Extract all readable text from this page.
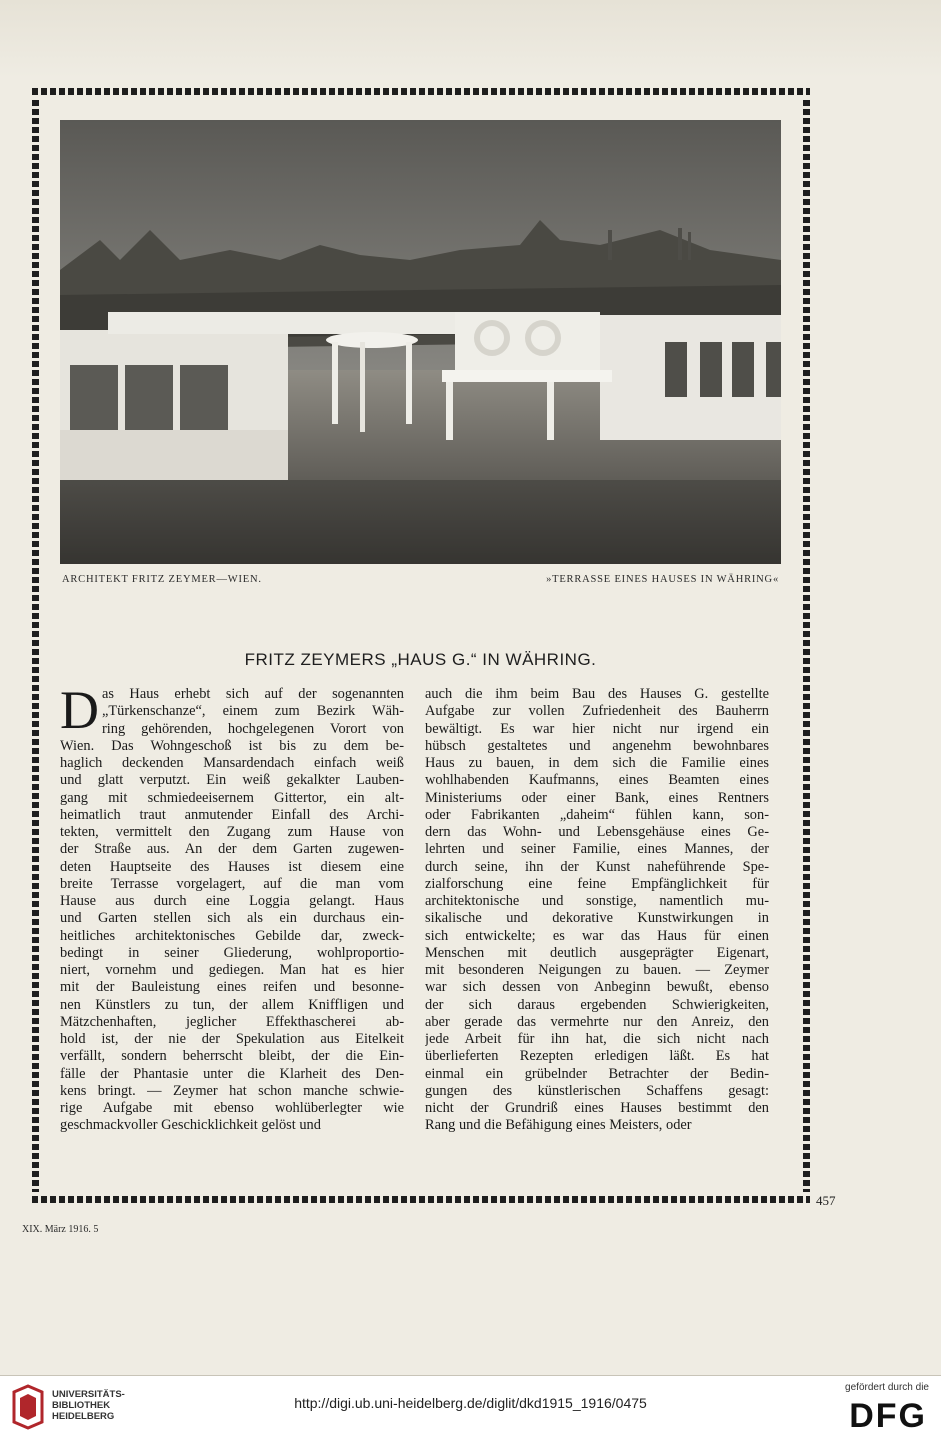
ARCHITEKT FRITZ ZEYMER—WIEN.	»TERRASSE EINES HAUSES IN WÄHRING«
FRITZ ZEYMERS „HAUS G.“ IN WÄHRING.
D as Haus erhebt sich auf der sogenannten
„Türkenschanze“, einem zum Bezirk Wäh-
ring gehörenden, hochgelegenen Vorort von
Wien. Das Wohngeschoß ist bis zu dem be-
haglich deckenden Mansardendach einfach weiß
und glatt verputzt. Ein weiß gekalkter Lauben-
gang mit schmiedeeisernem Gittertor, ein alt-
heimatlich traut anmutender Einfall des Archi-
tekten, vermittelt den Zugang zum Hause von
der Straße aus. An der dem Garten zugewen-
deten Hauptseite des Hauses ist diesem eine
breite Terrasse vorgelagert, auf die man vom
Hause aus durch eine Loggia gelangt. Haus
und Garten stellen sich als ein durchaus ein-
heitliches architektonisches Gebilde dar, zweck-
bedingt in seiner Gliederung, wohlproportio-
niert, vornehm und gediegen. Man hat es hier
mit der Bauleistung eines reifen und besonne-
nen Künstlers zu tun, der allem Kniffligen und
Mätzchenhaften, jeglicher Effekthascherei ab-
hold ist, der nie der Spekulation aus Eitelkeit
verfällt, sondern beherrscht bleibt, der die Ein-
fälle der Phantasie unter die Klarheit des Den-
kens bringt. — Zeymer hat schon manche schwie-
rige Aufgabe mit ebenso wohlüberlegter wie
geschmackvoller Geschicklichkeit gelöst und
auch die ihm beim Bau des Hauses G. gestellte
Aufgabe zur vollen Zufriedenheit des Bauherrn
bewältigt. Es war hier nicht nur irgend ein
hübsch gestaltetes und angenehm bewohnbares
Haus zu bauen, in dem sich die Familie eines
wohlhabenden Kaufmanns, eines Beamten eines
Ministeriums oder einer Bank, eines Rentners
oder Fabrikanten „daheim“ fühlen kann, son-
dern das Wohn- und Lebensgehäuse eines Ge-
lehrten und seiner Familie, eines Mannes, der
durch seine, ihn der Kunst naheführende Spe-
zialforschung eine feine Empfänglichkeit für
architektonische und sonstige, namentlich mu-
sikalische und dekorative Kunstwirkungen in
sich entwickelte; es war das Haus für einen
Menschen mit deutlich ausgeprägter Eigenart,
mit besonderen Neigungen zu bauen. — Zeymer
war sich dessen von Anbeginn bewußt, ebenso
der sich daraus ergebenden Schwierigkeiten,
aber gerade das vermehrte nur den Anreiz, den
jede Arbeit für ihn hat, die sich nicht nach
überlieferten Rezepten erledigen läßt. Es hat
einmal ein grübelnder Betrachter der Bedin-
gungen des künstlerischen Schaffens gesagt:
nicht der Grundriß eines Hauses bestimmt den
Rang und die Befähigung eines Meisters, oder
457
XIX. März 1916. 5
UNIVERSITÄTS-
BIBLIOTHEK
HEIDELBERG
http://digi.ub.uni-heidelberg.de/diglit/dkd1915_1916/0475
gefördert durch die
DFG
